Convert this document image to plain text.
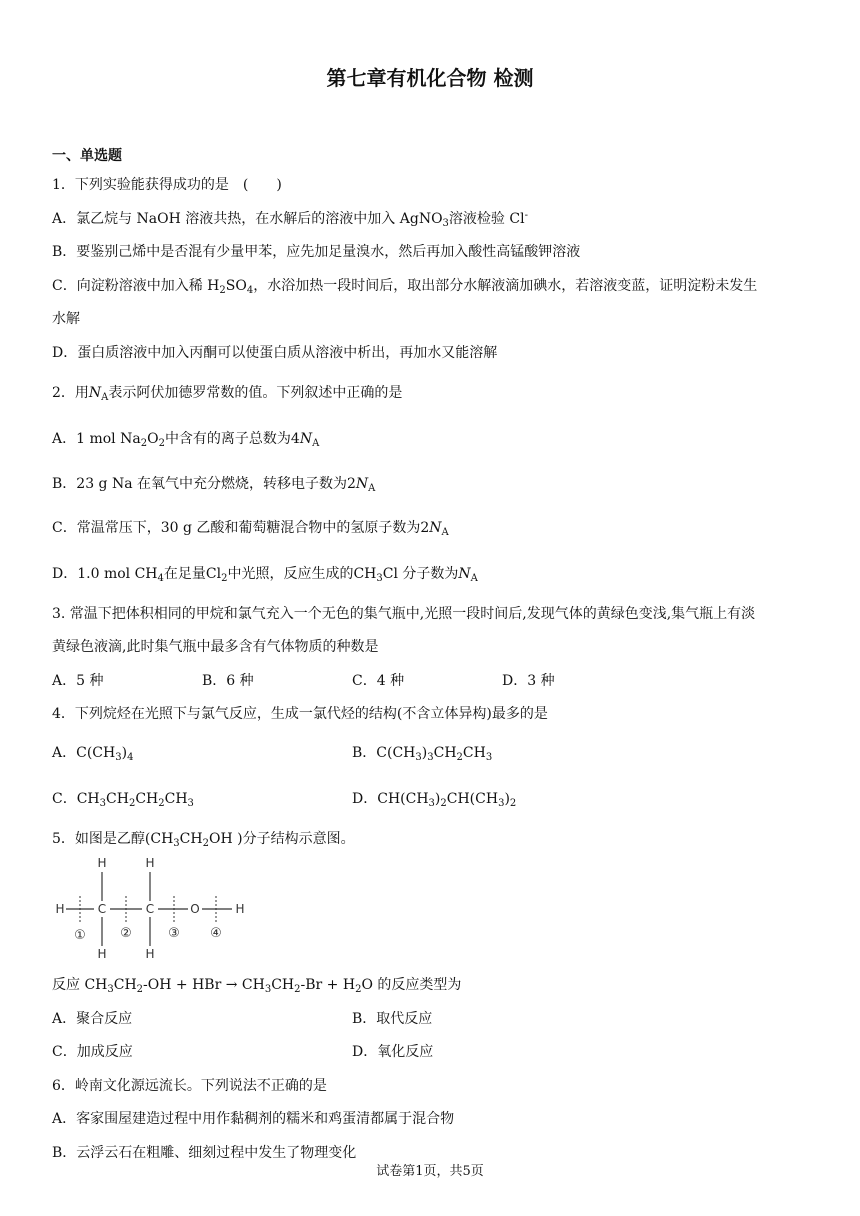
第七章有机化合物 检测
一、单选题
1．下列实验能获得成功的是　(　　)
A．氯乙烷与 NaOH 溶液共热，在水解后的溶液中加入 AgNO$_3$溶液检验 Cl-
B．要鉴别己烯中是否混有少量甲苯，应先加足量溴水，然后再加入酸性高锰酸钾溶液
C．向淀粉溶液中加入稀 $H_2SO_4$，水浴加热一段时间后，取出部分水解液滴加碘水，若溶液变蓝，证明淀粉未发生
水解
D．蛋白质溶液中加入丙酮可以使蛋白质从溶液中析出，再加水又能溶解
2．用$N_A$表示阿伏加德罗常数的值。下列叙述中正确的是
A．1 mol $Na_2O_2$中含有的离子总数为$4N_A$
B．23 g Na 在氧气中充分燃烧，转移电子数为$2N_A$
C．常温常压下，30 g 乙酸和葡萄糖混合物中的氢原子数为$2N_A$
D．1.0 mol $CH_4$在足量$Cl_2$中光照，反应生成的$CH_3Cl$ 分子数为$N_A$
3. 常温下把体积相同的甲烷和氯气充入一个无色的集气瓶中,光照一段时间后,发现气体的黄绿色变浅,集气瓶上有淡
黄绿色液滴,此时集气瓶中最多含有气体物质的种数是
A．5 种	B．6 种	C．4 种	D．3 种
4．下列烷烃在光照下与氯气反应，生成一氯代烃的结构(不含立体异构)最多的是
A．$C(CH_3)_4$	B．$C(CH_3)_3CH_2CH_3$
C．$CH_3CH_2CH_2CH_3$	D．$CH(CH_3)_2CH(CH_3)_2$
5．如图是乙醇($CH_3CH_2OH$ )分子结构示意图。
H	C	C	O	H
H	H
H	H
①	②	③ ④
反应 $CH_3CH_2-OH$ + HBr → $CH_3CH_2-Br + H_2O$ 的反应类型为
A．聚合反应	B．取代反应
C．加成反应	D．氧化反应
6．岭南文化源远流长。下列说法不正确的是
A．客家围屋建造过程中用作黏稠剂的糯米和鸡蛋清都属于混合物
B．云浮云石在粗雕、细刻过程中发生了物理变化
试卷第1页，共5页
